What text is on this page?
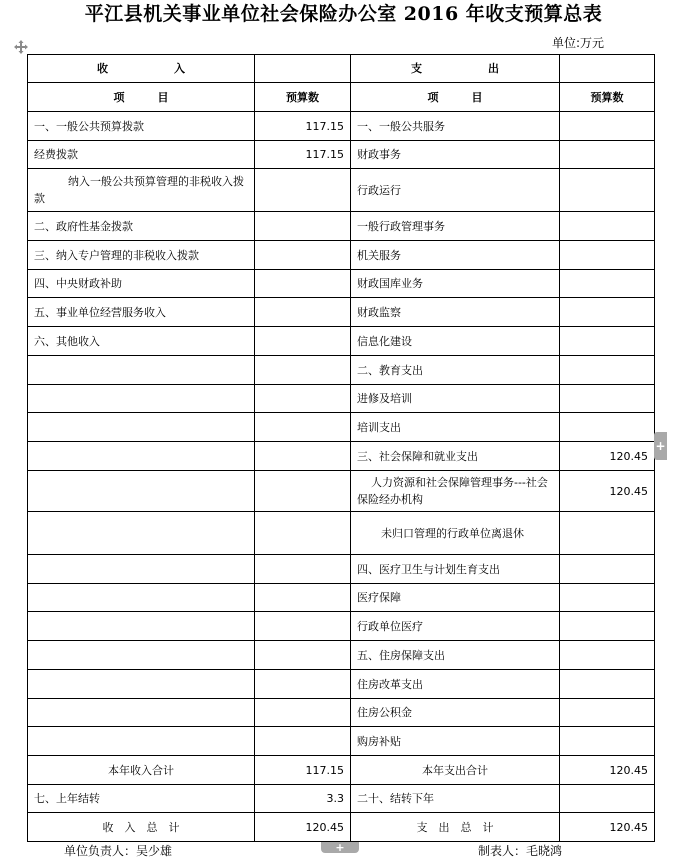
平江县机关事业单位社会保险办公室 2016 年收支预算总表
单位:万元
收　　　　　　入		支　　　　　　出	
项　　　目	预算数	项　　　目	预算数
一、一般公共预算拨款	117.15	一、一般公共服务	
经费拨款	117.15	财政事务	
纳入一般公共预算管理的非税收入拨款		行政运行	
二、政府性基金拨款		一般行政管理事务	
三、纳入专户管理的非税收入拨款		机关服务	
四、中央财政补助		财政国库业务	
五、事业单位经营服务收入		财政监察	
六、其他收入		信息化建设	
		二、教育支出	
		进修及培训	
		培训支出	
		三、社会保障和就业支出	120.45
		人力资源和社会保障管理事务---社会保险经办机构	120.45
		未归口管理的行政单位离退休	
		四、医疗卫生与计划生育支出	
		医疗保障	
		行政单位医疗	
		五、住房保障支出	
		住房改革支出	
		住房公积金	
		购房补贴	
本年收入合计	117.15	本年支出合计	120.45
七、上年结转	3.3	二十、结转下年	
收　入　总　计	120.45	支　出　总　计	120.45
单位负责人：吴少雄	制表人：毛晓鸿
+
+
